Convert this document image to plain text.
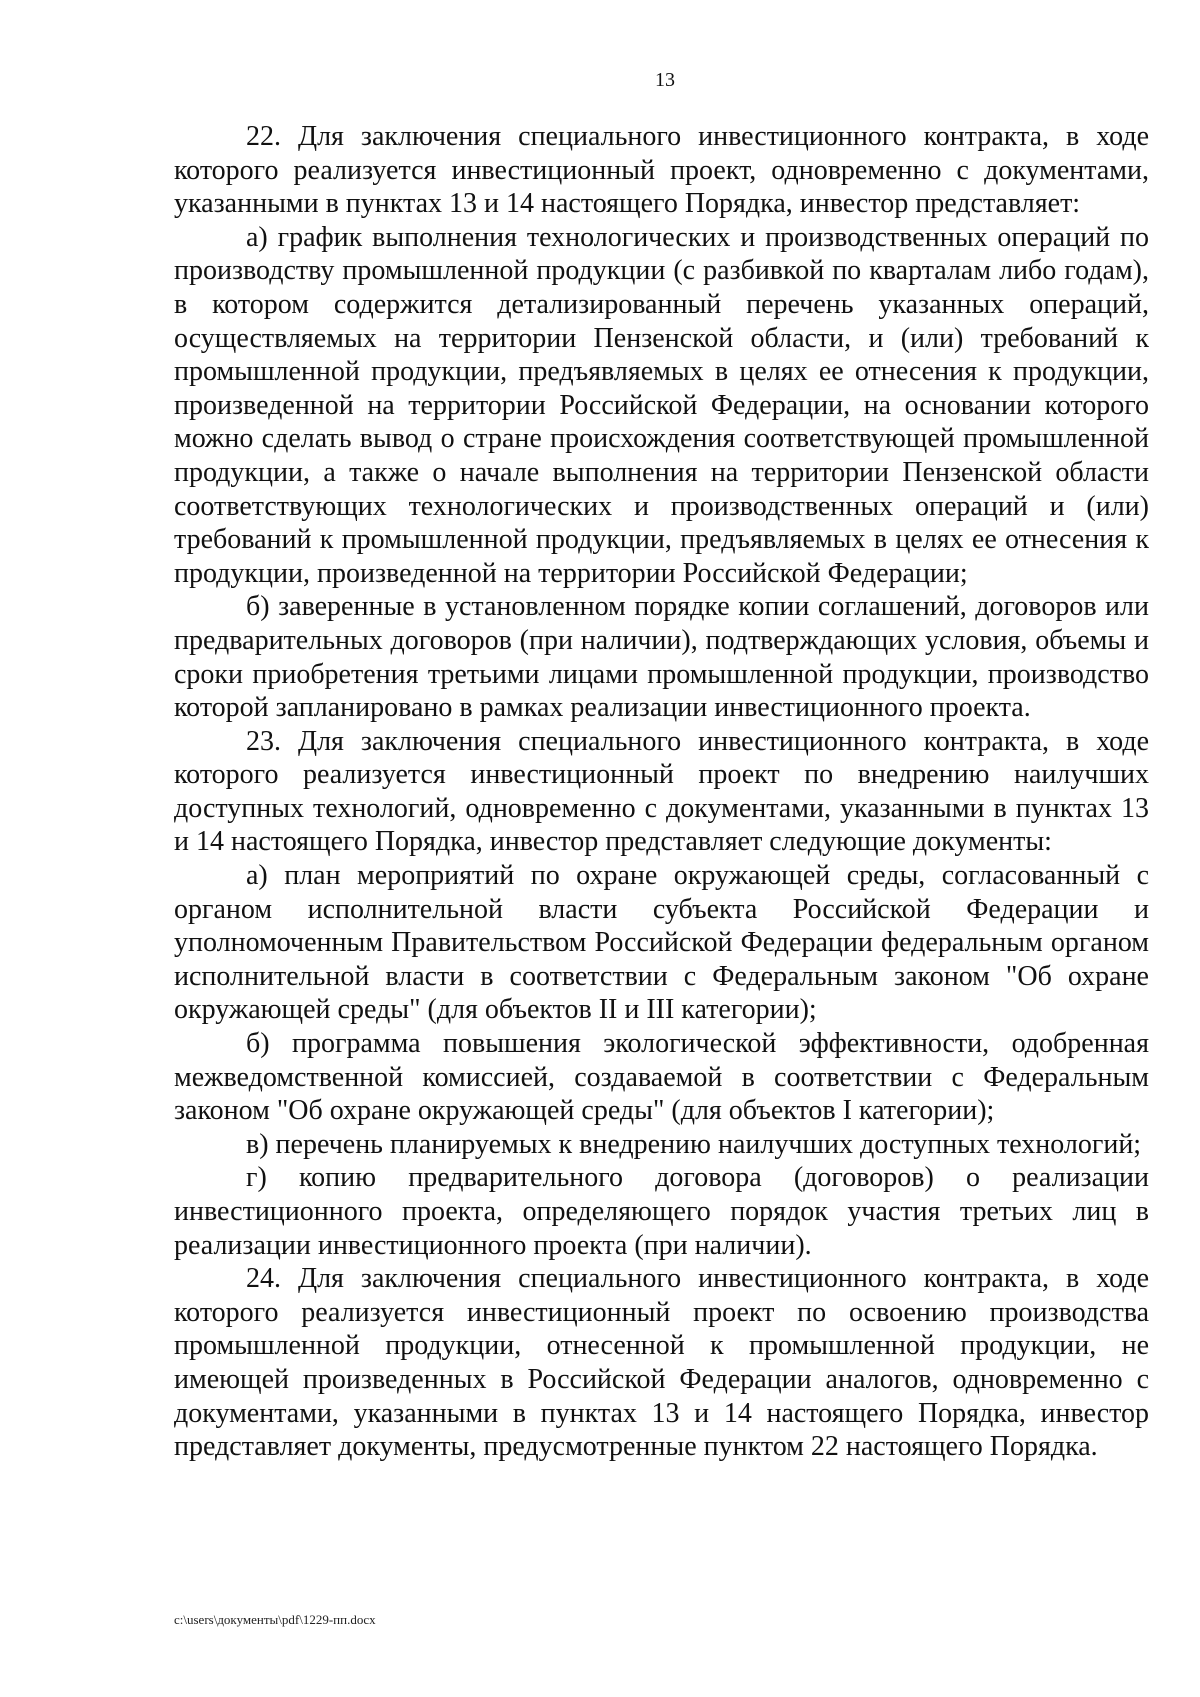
13

22. Для заключения специального инвестиционного контракта, в ходе которого реализуется инвестиционный проект, одновременно с документами, указанными в пунктах 13 и 14 настоящего Порядка, инвестор представляет:

а) график выполнения технологических и производственных операций по производству промышленной продукции (с разбивкой по кварталам либо годам), в котором содержится детализированный перечень указанных операций, осуществляемых на территории Пензенской области, и (или) требований к промышленной продукции, предъявляемых в целях ее отнесения к продукции, произведенной на территории Российской Федерации, на основании которого можно сделать вывод о стране происхождения соответствующей промышленной продукции, а также о начале выполнения на территории Пензенской области соответствующих технологических и производственных операций и (или) требований к промышленной продукции, предъявляемых в целях ее отнесения к продукции, произведенной на территории Российской Федерации;

б) заверенные в установленном порядке копии соглашений, договоров или предварительных договоров (при наличии), подтверждающих условия, объемы и сроки приобретения третьими лицами промышленной продукции, производство которой запланировано в рамках реализации инвестиционного проекта.

23. Для заключения специального инвестиционного контракта, в ходе которого реализуется инвестиционный проект по внедрению наилучших доступных технологий, одновременно с документами, указанными в пунктах 13 и 14 настоящего Порядка, инвестор представляет следующие документы:

а) план мероприятий по охране окружающей среды, согласованный с органом исполнительной власти субъекта Российской Федерации и уполномоченным Правительством Российской Федерации федеральным органом исполнительной власти в соответствии с Федеральным законом "Об охране окружающей среды" (для объектов II и III категории);

б) программа повышения экологической эффективности, одобренная межведомственной комиссией, создаваемой в соответствии с Федеральным законом "Об охране окружающей среды" (для объектов I категории);

в) перечень планируемых к внедрению наилучших доступных технологий;

г) копию предварительного договора (договоров) о реализации инвестиционного проекта, определяющего порядок участия третьих лиц в реализации инвестиционного проекта (при наличии).

24. Для заключения специального инвестиционного контракта, в ходе которого реализуется инвестиционный проект по освоению производства промышленной продукции, отнесенной к промышленной продукции, не имеющей произведенных в Российской Федерации аналогов, одновременно с документами, указанными в пунктах 13 и 14 настоящего Порядка, инвестор представляет документы, предусмотренные пунктом 22 настоящего Порядка.

c:\users\документы\pdf\1229-пп.docx
